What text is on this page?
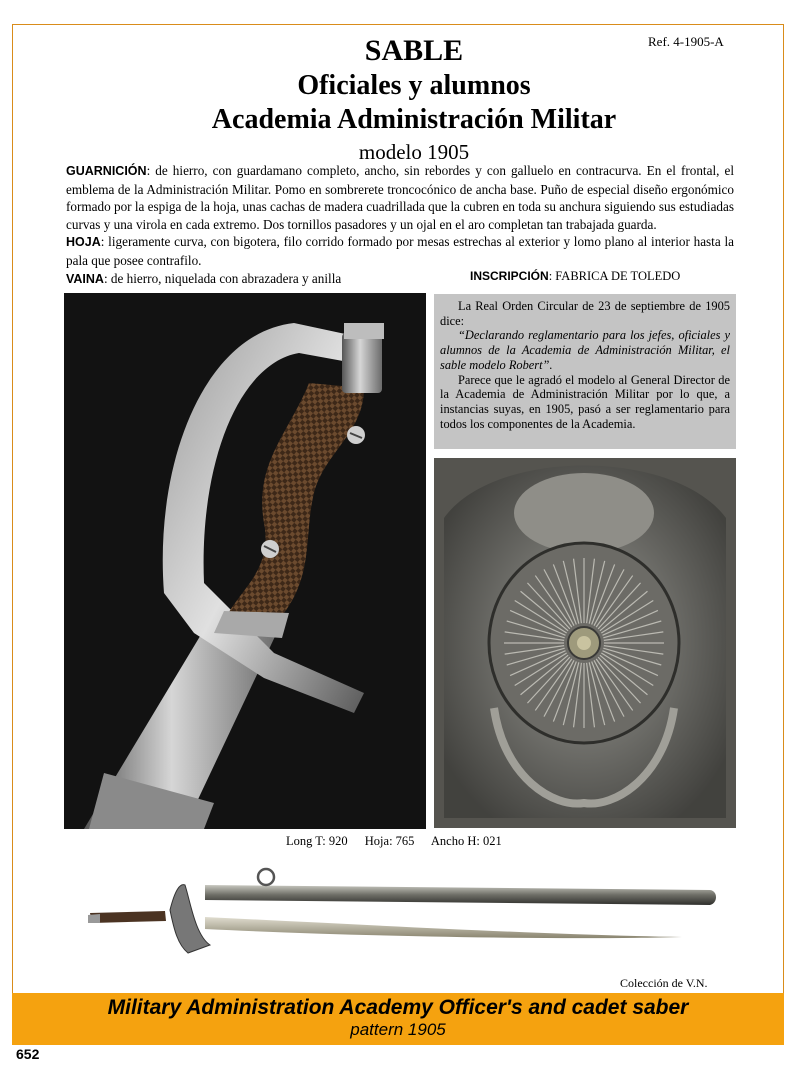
Ref. 4-1905-A
SABLE
Oficiales y alumnos
Academia Administración Militar
modelo 1905

GUARNICIÓN: de hierro, con guardamano completo, ancho, sin rebordes y con galluelo en contracurva. En el frontal, el emblema de la Administración Militar. Pomo en sombrerete troncocónico de ancha base. Puño de especial diseño ergonómico formado por la espiga de la hoja, unas cachas de madera cuadrillada que la cubren en toda su anchura siguiendo sus estudiadas curvas y una virola en cada extremo. Dos tornillos pasadores y un ojal en el aro completan tan trabajada guarda.

HOJA: ligeramente curva, con bigotera, filo corrido formado por mesas estrechas al exterior y lomo plano al interior hasta la pala que posee contrafilo.

VAINA: de hierro, niquelada con abrazadera y anilla	INSCRIPCIÓN: FABRICA DE TOLEDO

La Real Orden Circular de 23 de septiembre de 1905 dice:

“Declarando reglamentario para los jefes, oficiales y alumnos de la Academia de Administración Militar, el sable modelo Robert”.

Parece que le agradó el modelo al General Director de la Academia de Administración Militar por lo que, a instancias suyas, en 1905, pasó a ser reglamentario para todos los componentes de la Academia.

Long T: 920 Hoja: 765 Ancho H: 021
Colección de V.N.
Military Administration Academy Officer's and cadet saber
pattern 1905
652
